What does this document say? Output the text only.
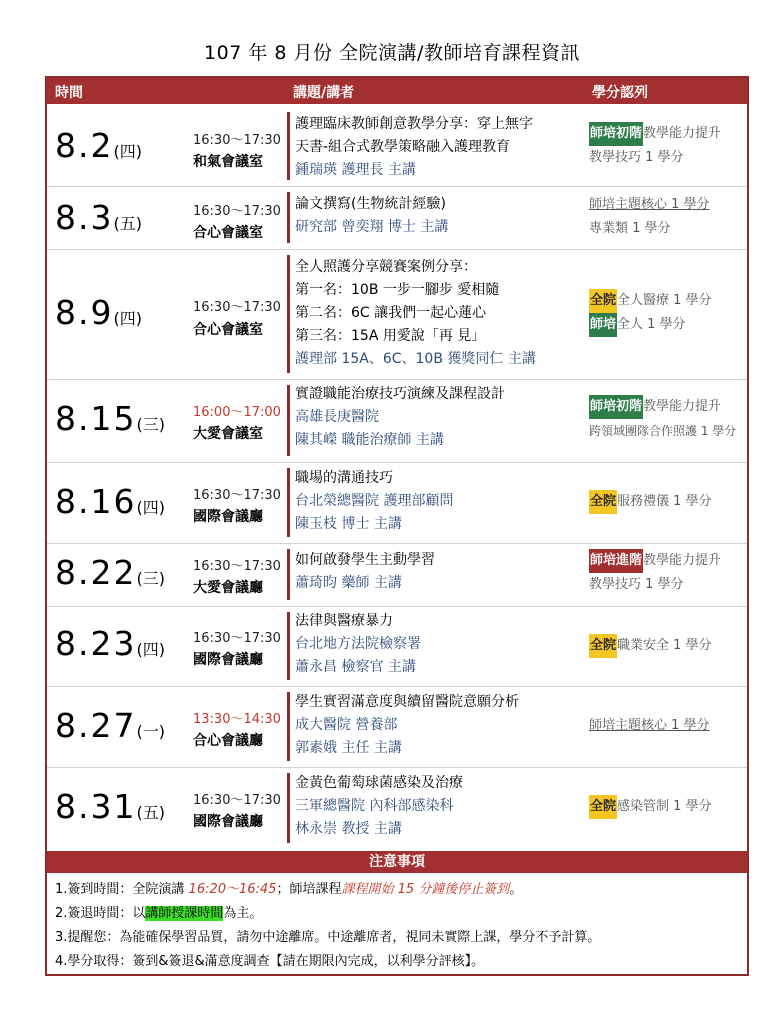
107 年 8 月份 全院演講/教師培育課程資訊
時間	講題/講者	學分認列
8.2(四)
16:30～17:30
和氣會議室
護理臨床教師創意教學分享：穿上無字
天書-組合式教學策略融入護理教育
鍾瑞瑛 護理長 主講
師培初階教學能力提升
教學技巧 1 學分
8.3(五)
16:30～17:30
合心會議室
論文撰寫(生物統計經驗)
研究部 曾奕翔 博士 主講
師培主題核心 1 學分
專業類 1 學分
8.9(四)
16:30～17:30
合心會議室
全人照護分享競賽案例分享：
第一名：10B 一步一腳步 愛相隨
第二名：6C 讓我們一起心蓮心
第三名：15A 用愛說「再 見」
護理部 15A、6C、10B 獲獎同仁 主講
全院全人醫療 1 學分
師培全人 1 學分
8.15(三)
16:00～17:00
大愛會議室
實證職能治療技巧演練及課程設計
高雄長庚醫院
陳其嶸 職能治療師 主講
師培初階教學能力提升
跨領域團隊合作照護 1 學分
8.16(四)
16:30～17:30
國際會議廳
職場的溝通技巧
台北榮總醫院 護理部顧問
陳玉枝 博士 主講
全院服務禮儀 1 學分
8.22(三)
16:30～17:30
大愛會議廳
如何啟發學生主動學習
蕭琦昀 藥師 主講
師培進階教學能力提升
教學技巧 1 學分
8.23(四)
16:30～17:30
國際會議廳
法律與醫療暴力
台北地方法院檢察署
蕭永昌 檢察官 主講
全院職業安全 1 學分
8.27(一)
13:30～14:30
合心會議廳
學生實習滿意度與續留醫院意願分析
成大醫院 營養部
郭素娥 主任 主講
師培主題核心 1 學分
8.31(五)
16:30～17:30
國際會議廳
金黃色葡萄球菌感染及治療
三軍總醫院 內科部感染科
林永崇 教授 主講
全院感染管制 1 學分
注意事項
1.簽到時間：全院演講 16:20～16:45；師培課程課程開始 15 分鐘後停止簽到。
2.簽退時間：以講師授課時間為主。
3.提醒您：為能確保學習品質，請勿中途離席。中途離席者，視同未實際上課，學分不予計算。
4.學分取得：簽到&簽退&滿意度調查【請在期限內完成，以利學分評核】。
